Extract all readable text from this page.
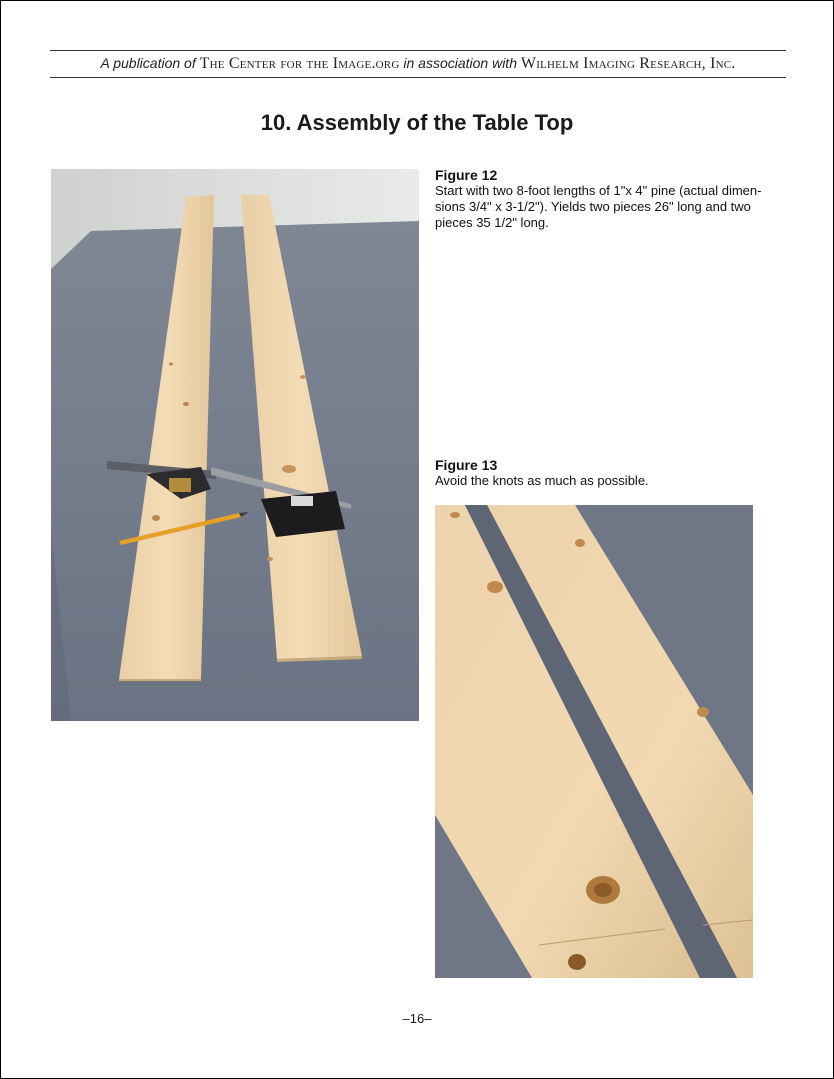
A publication of The Center for the Image.org in association with Wilhelm Imaging Research, Inc.
10. Assembly of the Table Top
Figure 12
Start with two 8-foot lengths of 1"x 4" pine (actual dimen-sions 3/4" x 3-1/2"). Yields two pieces 26" long and two pieces 35 1/2" long.
Figure 13
Avoid the knots as much as possible.
–16–
